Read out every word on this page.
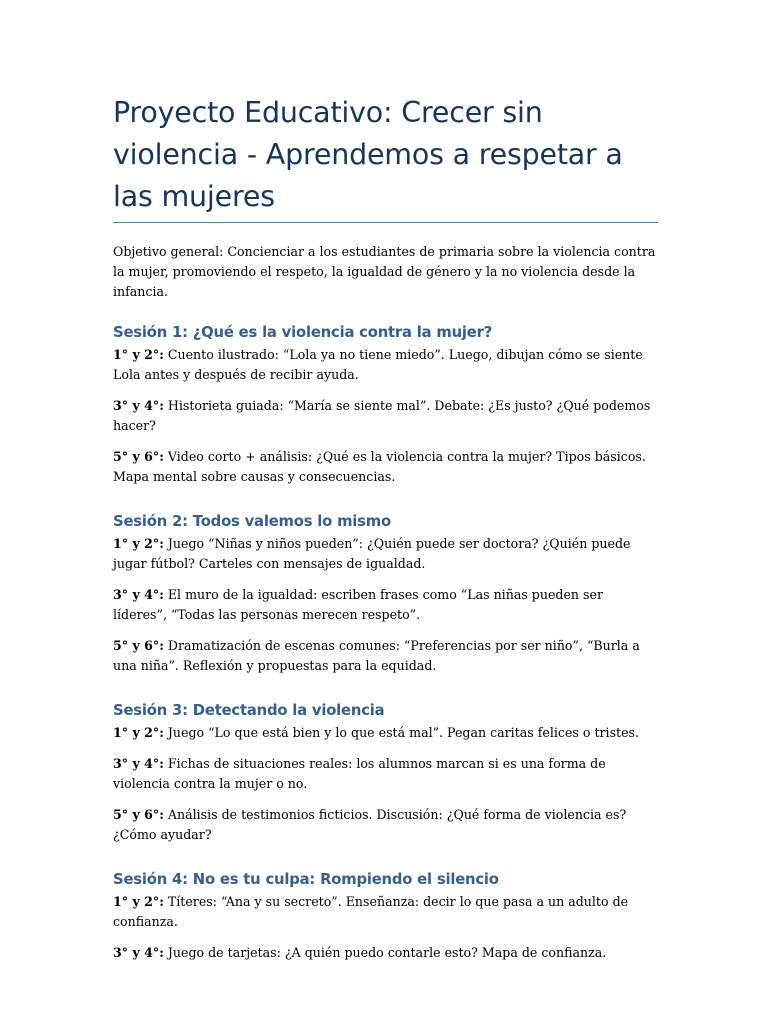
Proyecto Educativo: Crecer sin violencia - Aprendemos a respetar a las mujeres

Objetivo general: Concienciar a los estudiantes de primaria sobre la violencia contra la mujer, promoviendo el respeto, la igualdad de género y la no violencia desde la infancia.

Sesión 1: ¿Qué es la violencia contra la mujer?

1° y 2°: Cuento ilustrado: “Lola ya no tiene miedo”. Luego, dibujan cómo se siente Lola antes y después de recibir ayuda.

3° y 4°: Historieta guiada: “María se siente mal”. Debate: ¿Es justo? ¿Qué podemos hacer?

5° y 6°: Video corto + análisis: ¿Qué es la violencia contra la mujer? Tipos básicos. Mapa mental sobre causas y consecuencias.

Sesión 2: Todos valemos lo mismo

1° y 2°: Juego “Niñas y niños pueden”: ¿Quién puede ser doctora? ¿Quién puede jugar fútbol? Carteles con mensajes de igualdad.

3° y 4°: El muro de la igualdad: escriben frases como “Las niñas pueden ser líderes”, “Todas las personas merecen respeto”.

5° y 6°: Dramatización de escenas comunes: “Preferencias por ser niño”, “Burla a una niña”. Reflexión y propuestas para la equidad.

Sesión 3: Detectando la violencia

1° y 2°: Juego “Lo que está bien y lo que está mal”. Pegan caritas felices o tristes.

3° y 4°: Fichas de situaciones reales: los alumnos marcan si es una forma de violencia contra la mujer o no.

5° y 6°: Análisis de testimonios ficticios. Discusión: ¿Qué forma de violencia es? ¿Cómo ayudar?

Sesión 4: No es tu culpa: Rompiendo el silencio

1° y 2°: Títeres: “Ana y su secreto”. Enseñanza: decir lo que pasa a un adulto de confianza.

3° y 4°: Juego de tarjetas: ¿A quién puedo contarle esto? Mapa de confianza.
